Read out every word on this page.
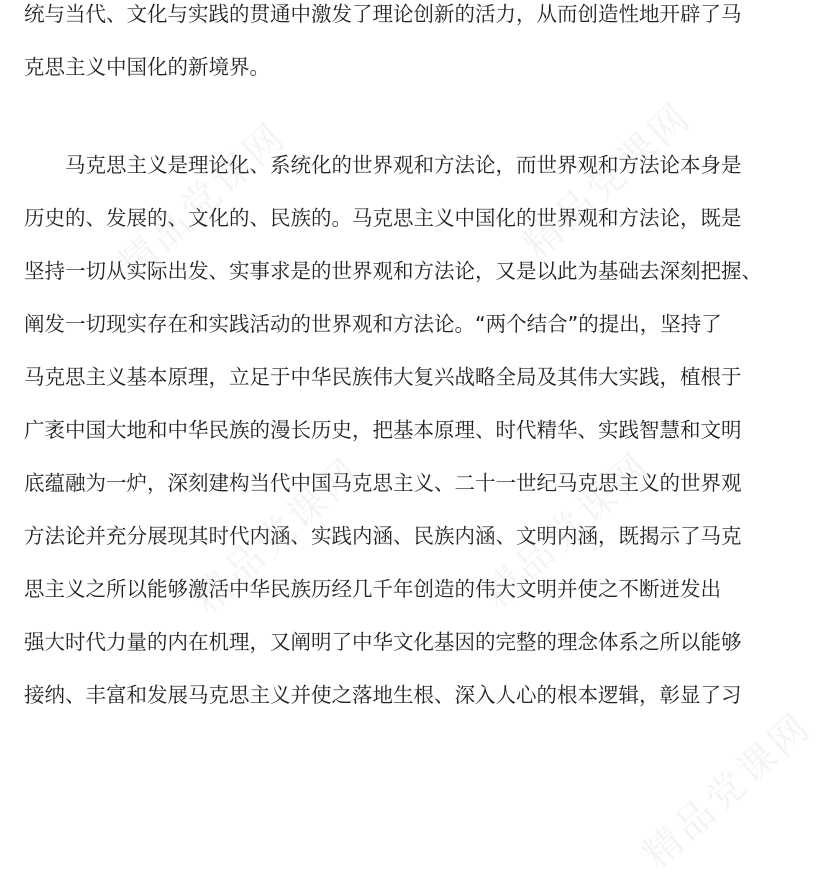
统与当代、文化与实践的贯通中激发了理论创新的活力，从而创造性地开辟了马
克思主义中国化的新境界。
马克思主义是理论化、系统化的世界观和方法论，而世界观和方法论本身是
历史的、发展的、文化的、民族的。马克思主义中国化的世界观和方法论，既是
坚持一切从实际出发、实事求是的世界观和方法论，又是以此为基础去深刻把握、
阐发一切现实存在和实践活动的世界观和方法论。“两个结合”的提出，坚持了
马克思主义基本原理，立足于中华民族伟大复兴战略全局及其伟大实践，植根于
广袤中国大地和中华民族的漫长历史，把基本原理、时代精华、实践智慧和文明
底蕴融为一炉，深刻建构当代中国马克思主义、二十一世纪马克思主义的世界观
方法论并充分展现其时代内涵、实践内涵、民族内涵、文明内涵，既揭示了马克
思主义之所以能够激活中华民族历经几千年创造的伟大文明并使之不断迸发出
强大时代力量的内在机理，又阐明了中华文化基因的完整的理念体系之所以能够
接纳、丰富和发展马克思主义并使之落地生根、深入人心的根本逻辑，彰显了习
精品党课网	精品党课网
精品党课网	精品党课网
精品党课网
